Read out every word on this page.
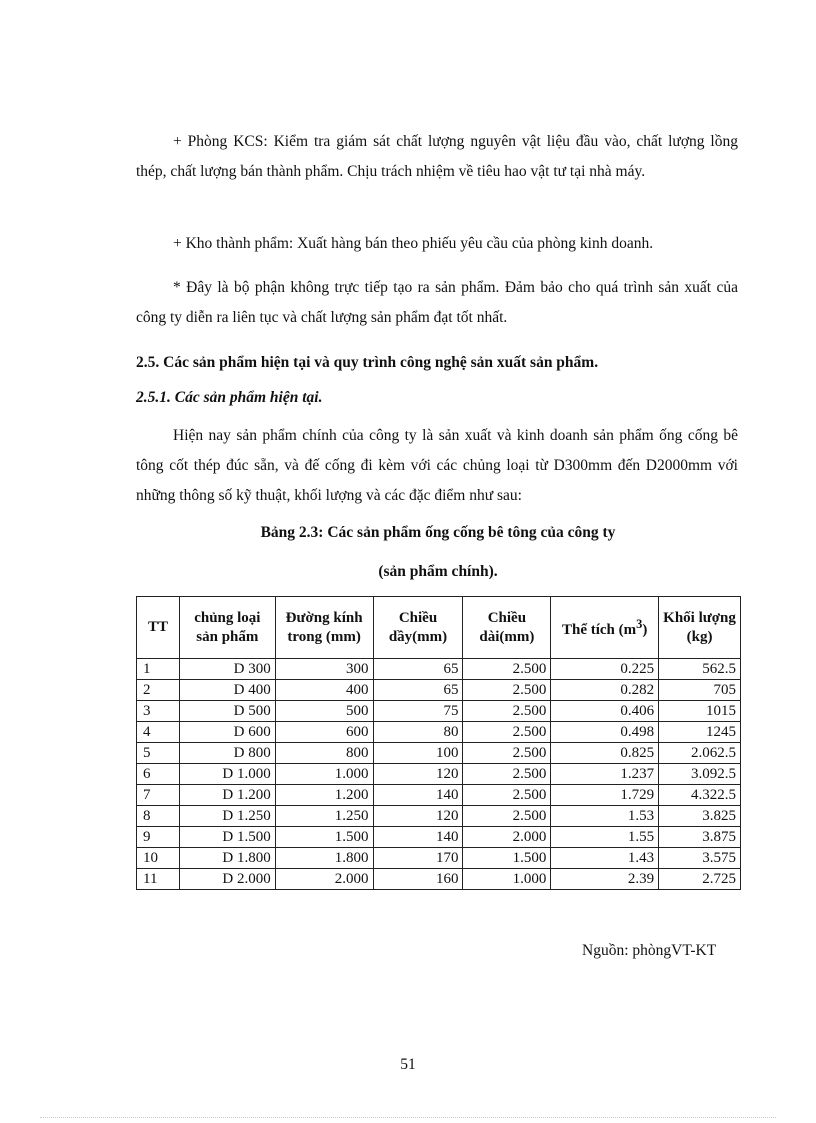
+ Phòng KCS: Kiểm tra giám sát chất lượng nguyên vật liệu đầu vào, chất lượng lồng thép, chất lượng bán thành phẩm. Chịu trách nhiệm về tiêu hao vật tư tại nhà máy.

+ Kho thành phẩm: Xuất hàng bán theo phiếu yêu cầu của phòng kinh doanh.

* Đây là bộ phận không trực tiếp tạo ra sản phẩm. Đảm bảo cho quá trình sản xuất của công ty diễn ra liên tục và chất lượng sản phẩm đạt tốt nhất.

2.5. Các sản phẩm hiện tại và quy trình công nghệ sản xuất sản phẩm.

2.5.1. Các sản phẩm hiện tại.

Hiện nay sản phẩm chính của công ty là sản xuất và kinh doanh sản phẩm ống cống bê tông cốt thép đúc sẵn, và đế cống đi kèm với các chủng loại từ D300mm đến D2000mm với những thông số kỹ thuật, khối lượng và các đặc điểm như sau:

Bảng 2.3: Các sản phẩm ống cống bê tông của công ty

(sản phẩm chính).

TT	chủng loại sản phẩm	Đường kính trong (mm)	Chiều dầy(mm)	Chiều dài(mm)	Thể tích $(m^3)$	Khối lượng (kg)
1	D 300	300	65	2.500	0.225	562.5
2	D 400	400	65	2.500	0.282	705
3	D 500	500	75	2.500	0.406	1015
4	D 600	600	80	2.500	0.498	1245
5	D 800	800	100	2.500	0.825	2.062.5
6	D 1.000	1.000	120	2.500	1.237	3.092.5
7	D 1.200	1.200	140	2.500	1.729	4.322.5
8	D 1.250	1.250	120	2.500	1.53	3.825
9	D 1.500	1.500	140	2.000	1.55	3.875
10	D 1.800	1.800	170	1.500	1.43	3.575
11	D 2.000	2.000	160	1.000	2.39	2.725

Nguồn: phòngVT-KT

51
